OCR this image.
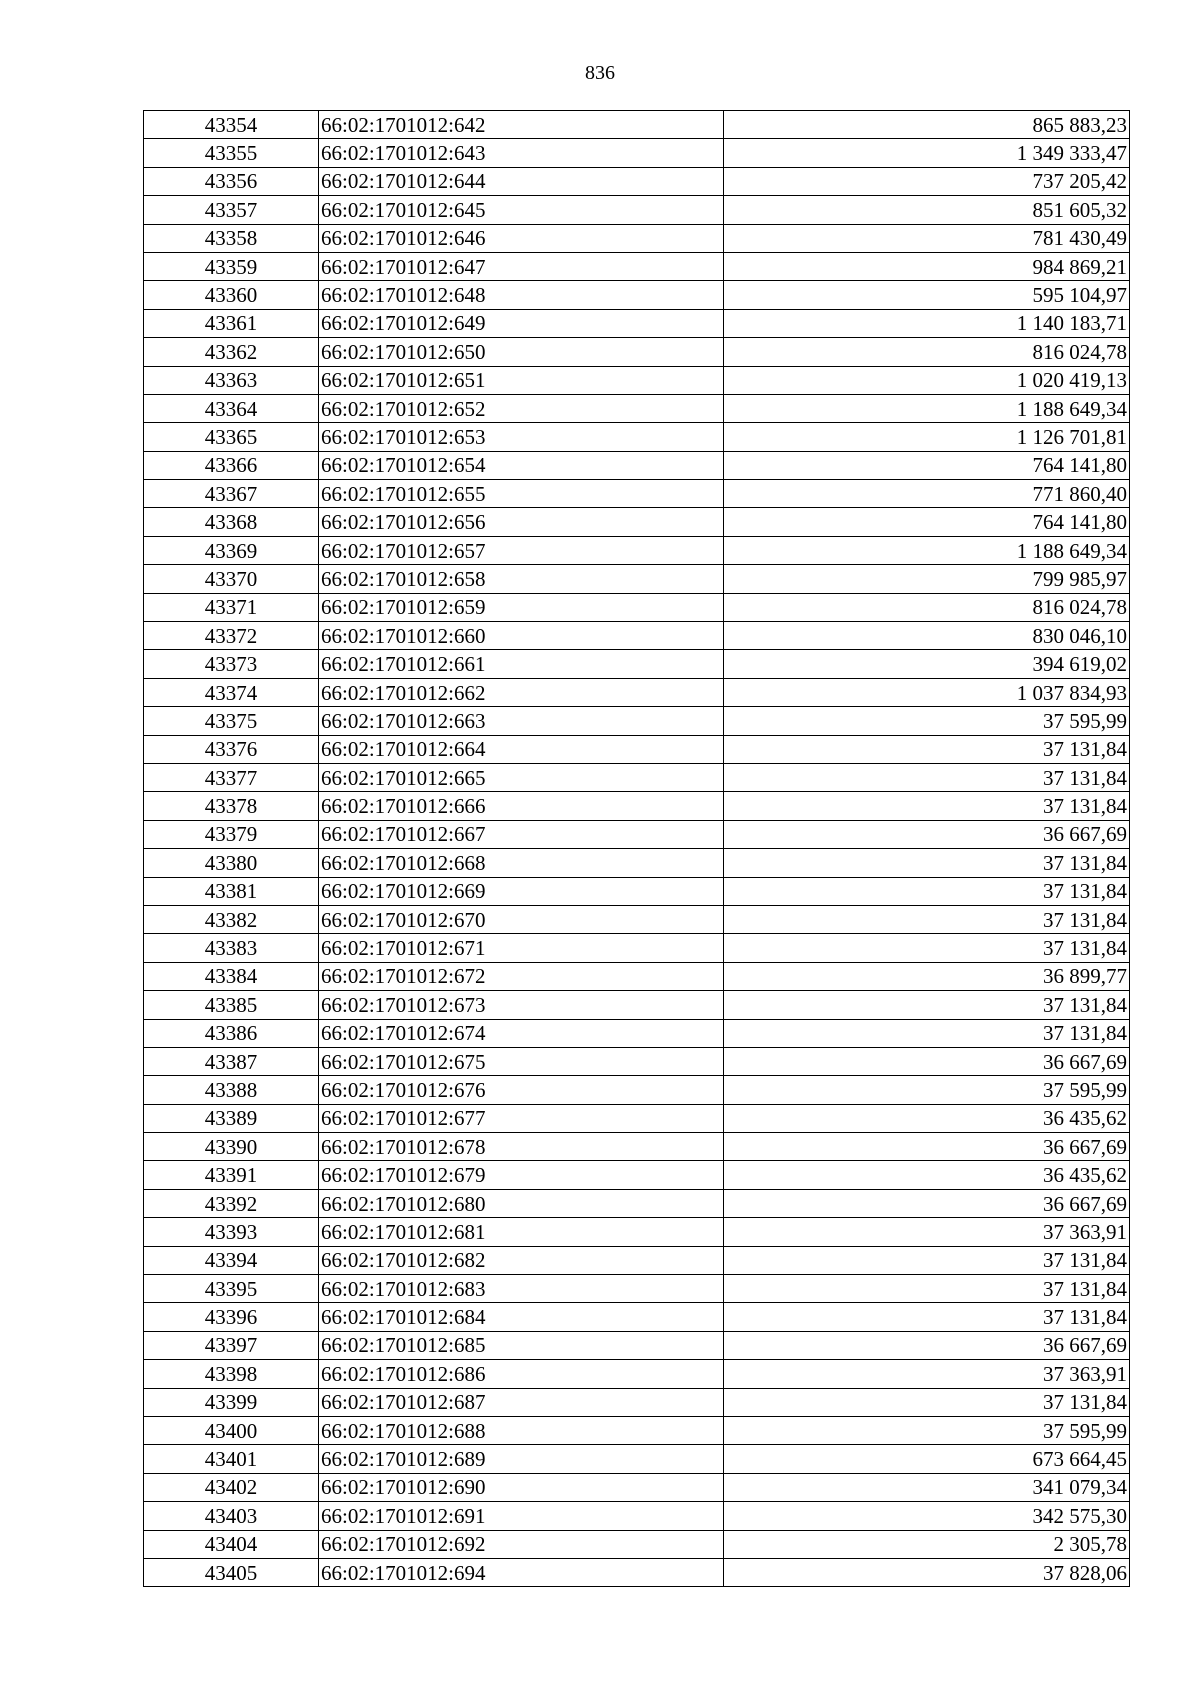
836
43354	66:02:1701012:642	865 883,23
43355	66:02:1701012:643	1 349 333,47
43356	66:02:1701012:644	737 205,42
43357	66:02:1701012:645	851 605,32
43358	66:02:1701012:646	781 430,49
43359	66:02:1701012:647	984 869,21
43360	66:02:1701012:648	595 104,97
43361	66:02:1701012:649	1 140 183,71
43362	66:02:1701012:650	816 024,78
43363	66:02:1701012:651	1 020 419,13
43364	66:02:1701012:652	1 188 649,34
43365	66:02:1701012:653	1 126 701,81
43366	66:02:1701012:654	764 141,80
43367	66:02:1701012:655	771 860,40
43368	66:02:1701012:656	764 141,80
43369	66:02:1701012:657	1 188 649,34
43370	66:02:1701012:658	799 985,97
43371	66:02:1701012:659	816 024,78
43372	66:02:1701012:660	830 046,10
43373	66:02:1701012:661	394 619,02
43374	66:02:1701012:662	1 037 834,93
43375	66:02:1701012:663	37 595,99
43376	66:02:1701012:664	37 131,84
43377	66:02:1701012:665	37 131,84
43378	66:02:1701012:666	37 131,84
43379	66:02:1701012:667	36 667,69
43380	66:02:1701012:668	37 131,84
43381	66:02:1701012:669	37 131,84
43382	66:02:1701012:670	37 131,84
43383	66:02:1701012:671	37 131,84
43384	66:02:1701012:672	36 899,77
43385	66:02:1701012:673	37 131,84
43386	66:02:1701012:674	37 131,84
43387	66:02:1701012:675	36 667,69
43388	66:02:1701012:676	37 595,99
43389	66:02:1701012:677	36 435,62
43390	66:02:1701012:678	36 667,69
43391	66:02:1701012:679	36 435,62
43392	66:02:1701012:680	36 667,69
43393	66:02:1701012:681	37 363,91
43394	66:02:1701012:682	37 131,84
43395	66:02:1701012:683	37 131,84
43396	66:02:1701012:684	37 131,84
43397	66:02:1701012:685	36 667,69
43398	66:02:1701012:686	37 363,91
43399	66:02:1701012:687	37 131,84
43400	66:02:1701012:688	37 595,99
43401	66:02:1701012:689	673 664,45
43402	66:02:1701012:690	341 079,34
43403	66:02:1701012:691	342 575,30
43404	66:02:1701012:692	2 305,78
43405	66:02:1701012:694	37 828,06
